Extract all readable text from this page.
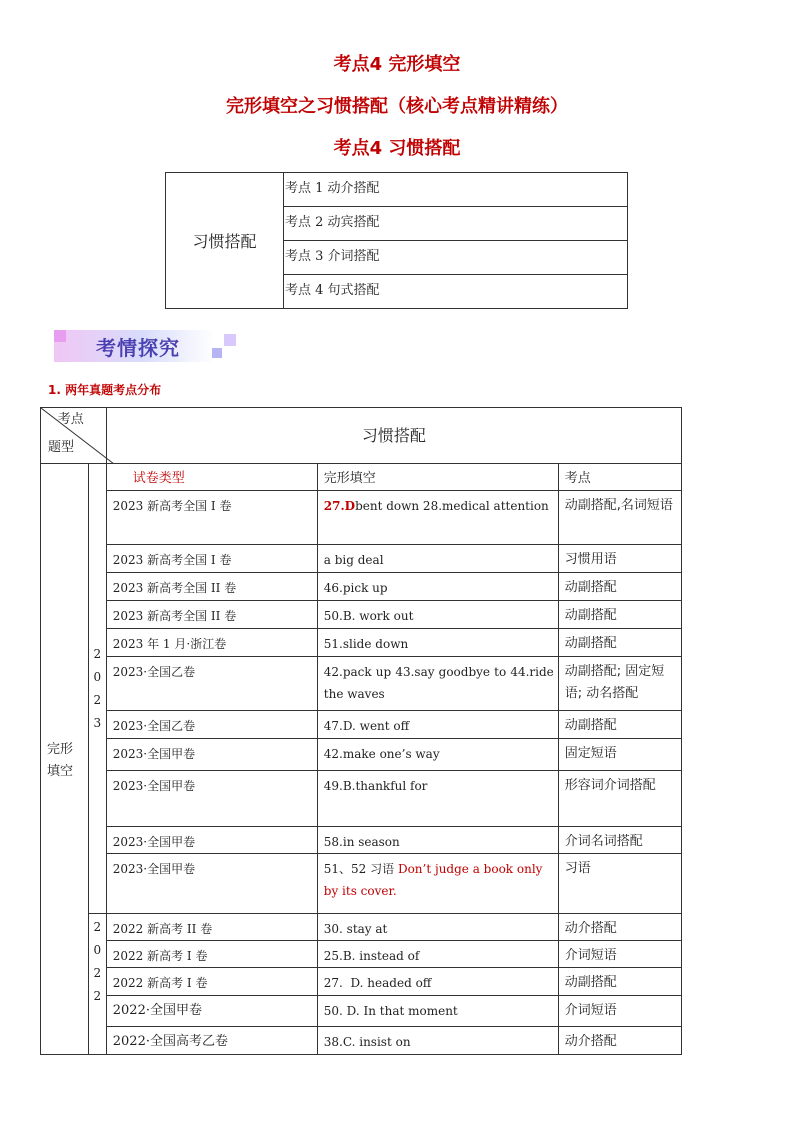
考点4 完形填空
完形填空之习惯搭配（核心考点精讲精练）
考点4 习惯搭配
习惯搭配	考点 1 动介搭配
考点 2 动宾搭配
考点 3 介词搭配
考点 4 句式搭配
考情探究
1. 两年真题考点分布
考点
题型		习惯搭配		
完形填空	2
0
2
3	试卷类型	完形填空	考点
		2023 新高考全国 I 卷	27.Dbent down 28.medical attention	动副搭配,名词短语
		2023 新高考全国 I 卷	a big deal	习惯用语
		2023 新高考全国 II 卷	46.pick up	动副搭配
		2023 新高考全国 II 卷	50.B. work out	动副搭配
		2023 年 1 月·浙江卷	51.slide down	动副搭配
		2023·全国乙卷	42.pack up 43.say goodbye to 44.ride the waves	动副搭配; 固定短语; 动名搭配
		2023·全国乙卷	47.D. went off	动副搭配
		2023·全国甲卷	42.make one’s way	固定短语
		2023·全国甲卷	49.B.thankful for	形容词介词搭配
		2023·全国甲卷	58.in season	介词名词搭配
		2023·全国甲卷	51、52 习语 Don’t judge a book only by its cover.	习语

	2
0
2
2	2022 新高考 II 卷	30. stay at	动介搭配
		2022 新高考 I 卷	25.B. instead of	介词短语
		2022 新高考 I 卷	27.  D. headed off	动副搭配
		2022·全国甲卷	50. D. In that moment	介词短语
		2022·全国高考乙卷	38.C. insist on	动介搭配
